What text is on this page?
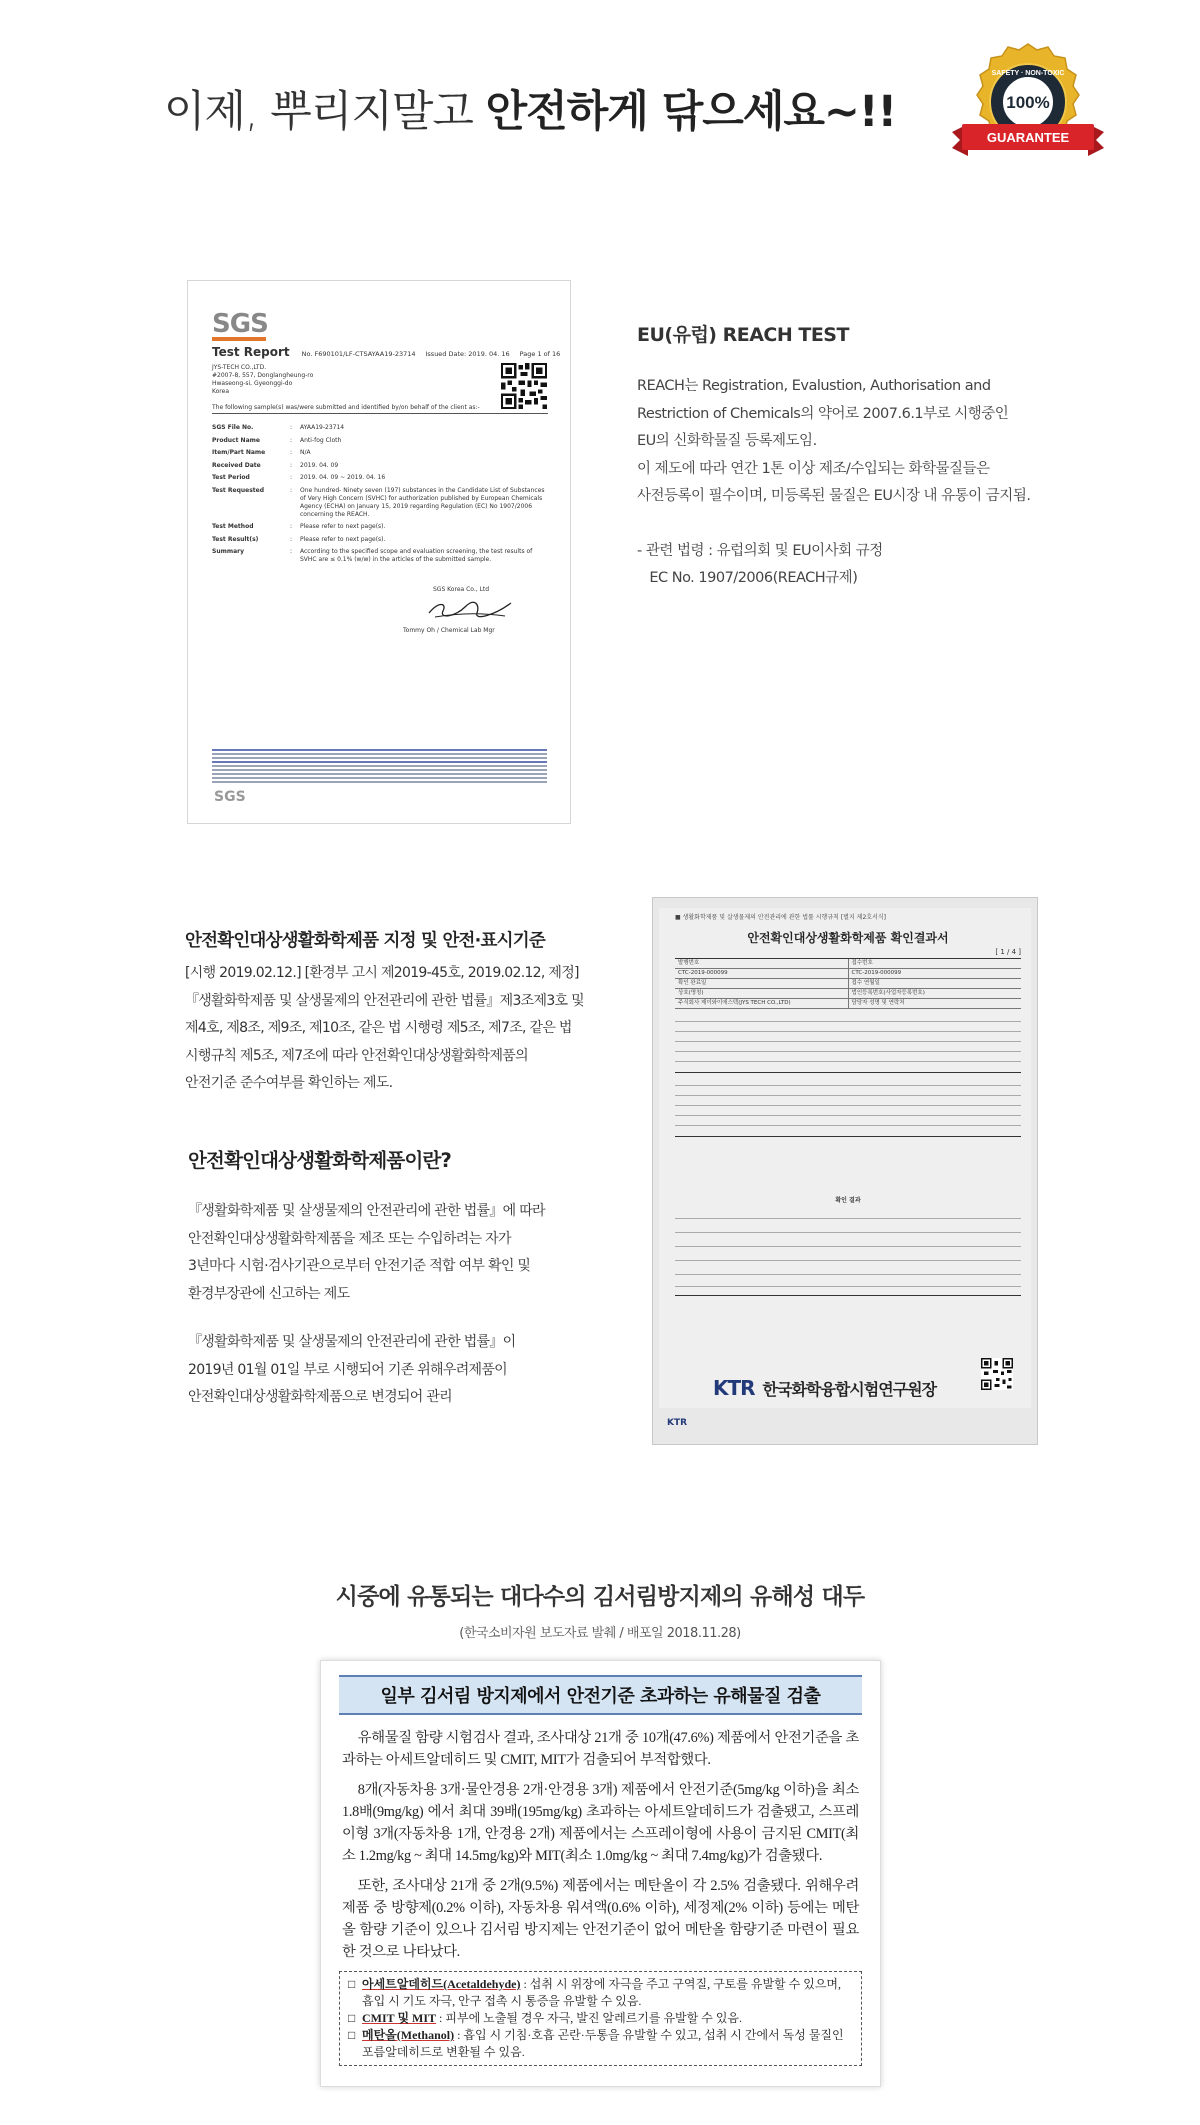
이제, 뿌리지말고 안전하게 닦으세요~!!
SAFETY · NON-TOXIC
100%
GUARANTEE
SGS
Test Report No. F690101/LF-CTSAYAA19-23714 Issued Date: 2019. 04. 16 Page 1 of 16
JYS-TECH CO.,LTD.
#2007-8, 557, Donglangheung-ro
Hwaseong-si, Gyeonggi-do
Korea
The following sample(s) was/were submitted and identified by/on behalf of the client as:-
SGS File No.	:	AYAA19-23714
Product Name	:	Anti-fog Cloth
Item/Part Name	:	N/A
Received Date	:	2019. 04. 09
Test Period	:	2019. 04. 09 ~ 2019. 04. 16
Test Requested	:	One hundred- Ninety seven (197) substances in the Candidate List of Substances of Very High Concern (SVHC) for authorization published by European Chemicals Agency (ECHA) on January 15, 2019 regarding Regulation (EC) No 1907/2006 concerning the REACH.
Test Method	:	Please refer to next page(s).
Test Result(s)	:	Please refer to next page(s).
Summary	:	According to the specified scope and evaluation screening, the test results of SVHC are ≤ 0.1% (w/w) in the articles of the submitted sample.
SGS Korea Co., Ltd
Tommy Oh / Chemical Lab Mgr
SGS
EU(유럽) REACH TEST
REACH는 Registration, Evalustion, Authorisation and
Restriction of Chemicals의 약어로 2007.6.1부로 시행중인
EU의 신화학물질 등록제도임.
이 제도에 따라 연간 1톤 이상 제조/수입되는 화학물질들은
사전등록이 필수이며, 미등록된 물질은 EU시장 내 유통이 금지됨.
- 관련 법령 : 유럽의회 및 EU이사회 규정
EC No. 1907/2006(REACH규제)
안전확인대상생활화학제품 지정 및 안전·표시기준

[시행 2019.02.12.] [환경부 고시 제2019-45호, 2019.02.12, 제정]
『생활화학제품 및 살생물제의 안전관리에 관한 법률』제3조제3호 및
제4호, 제8조, 제9조, 제10조, 같은 법 시행령 제5조, 제7조, 같은 법
시행규칙 제5조, 제7조에 따라 안전확인대상생활화학제품의
안전기준 준수여부를 확인하는 제도.

안전확인대상생활화학제품이란?

『생활화학제품 및 살생물제의 안전관리에 관한 법률』에 따라
안전확인대상생활화학제품을 제조 또는 수입하려는 자가
3년마다 시험·검사기관으로부터 안전기준 적합 여부 확인 및
환경부장관에 신고하는 제도

『생활화학제품 및 살생물제의 안전관리에 관한 법률』이
2019년 01월 01일 부로 시행되어 기존 위해우려제품이
안전확인대상생활화학제품으로 변경되어 관리

■ 생활화학제품 및 살생물제의 안전관리에 관한 법률 시행규칙 [별지 제2호서식]
안전확인대상생활화학제품 확인결과서
[ 1 / 4 ]
발행번호	접수번호
CTC-2019-000099	CTC-2019-000099
확인 완료일	접수 연월일
상호(명칭)	법인등록번호(사업자등록번호)
주식회사 제이와이에스텍(JYS TECH CO.,LTD)	담당자 성명 및 연락처
확인 결과
KTR 한국화학융합시험연구원장
KTR
시중에 유통되는 대다수의 김서림방지제의 유해성 대두
(한국소비자원 보도자료 발췌 / 배포일 2018.11.28)
일부 김서림 방지제에서 안전기준 초과하는 유해물질 검출

유해물질 함량 시험검사 결과, 조사대상 21개 중 10개(47.6%) 제품에서 안전기준을 초과하는 아세트알데히드 및 CMIT, MIT가 검출되어 부적합했다.

8개(자동차용 3개·물안경용 2개·안경용 3개) 제품에서 안전기준(5mg/kg 이하)을 최소 1.8배(9mg/kg) 에서 최대 39배(195mg/kg) 초과하는 아세트알데히드가 검출됐고, 스프레이형 3개(자동차용 1개, 안경용 2개) 제품에서는 스프레이형에 사용이 금지된 CMIT(최소 1.2mg/kg ~ 최대 14.5mg/kg)와 MIT(최소 1.0mg/kg ~ 최대 7.4mg/kg)가 검출됐다.

또한, 조사대상 21개 중 2개(9.5%) 제품에서는 메탄올이 각 2.5% 검출됐다. 위해우려제품 중 방향제(0.2% 이하), 자동차용 워셔액(0.6% 이하), 세정제(2% 이하) 등에는 메탄올 함량 기준이 있으나 김서림 방지제는 안전기준이 없어 메탄올 함량기준 마련이 필요한 것으로 나타났다.

□ 아세트알데히드(Acetaldehyde) : 섭취 시 위장에 자극을 주고 구역질, 구토를 유발할 수 있으며, 흡입 시 기도 자극, 안구 접촉 시 통증을 유발할 수 있음.
□ CMIT 및 MIT : 피부에 노출될 경우 자극, 발진 알레르기를 유발할 수 있음.
□ 메탄올(Methanol) : 흡입 시 기침·호흡 곤란·두통을 유발할 수 있고, 섭취 시 간에서 독성 물질인 포름알데히드로 변환될 수 있음.
